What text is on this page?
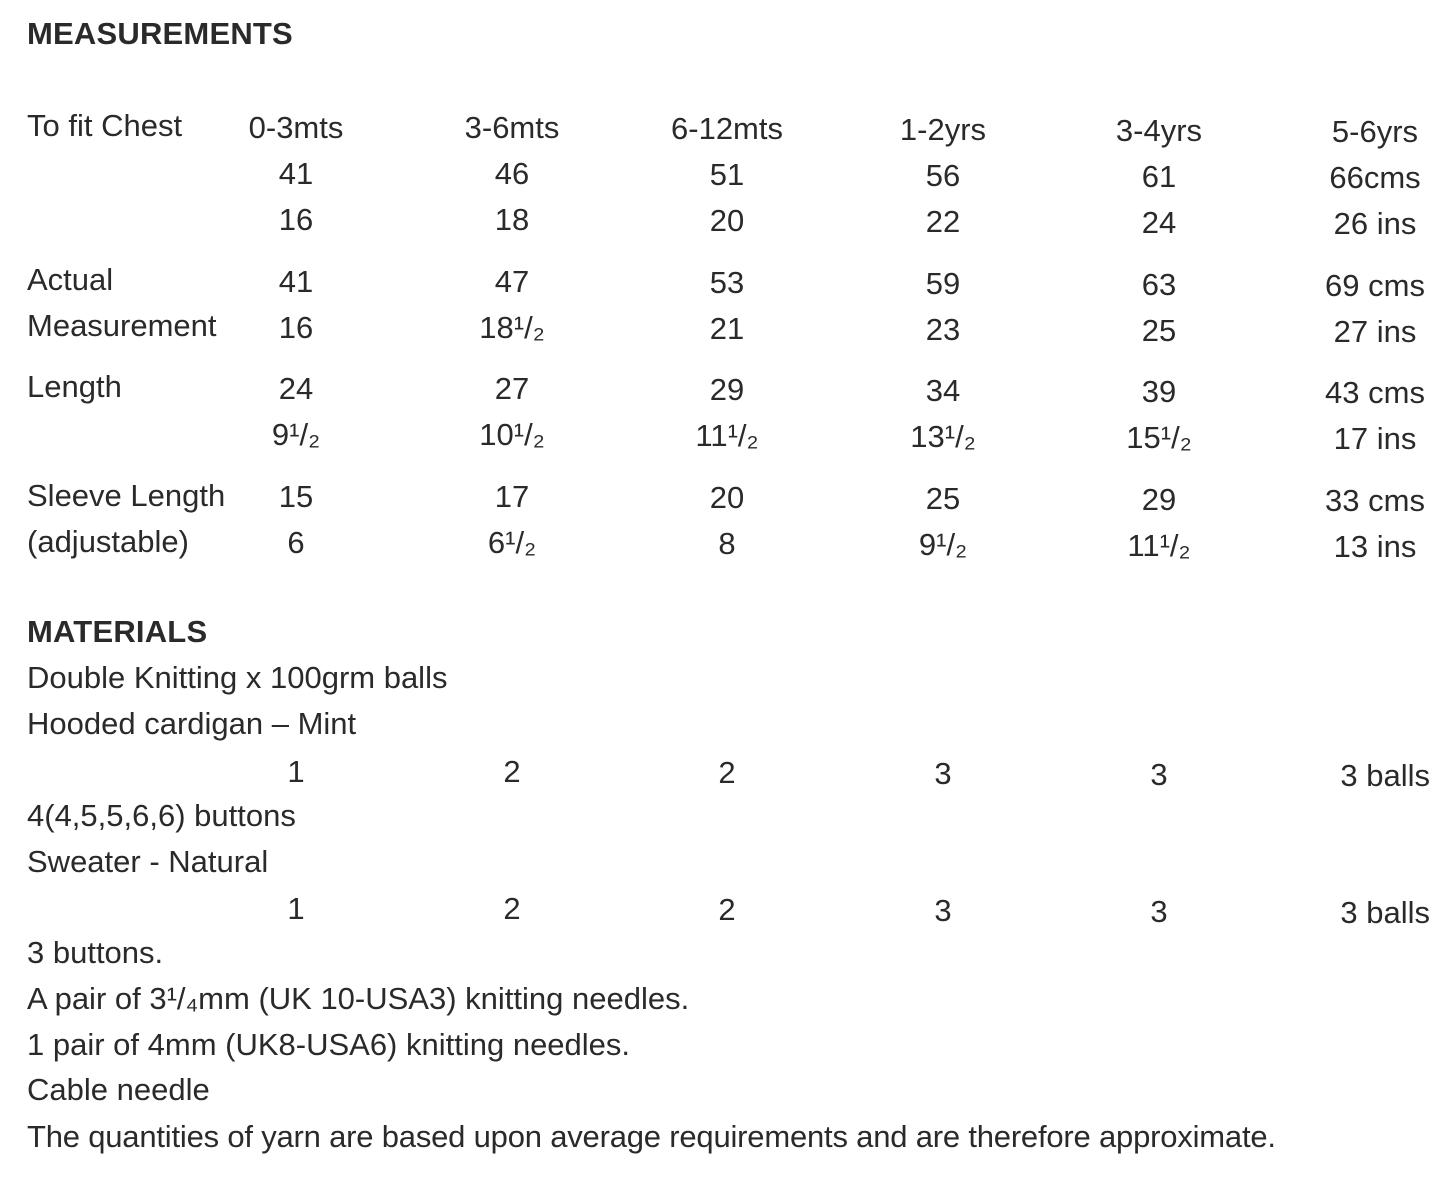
MEASUREMENTS
To fit Chest 0-3mts	3-6mts	6-12mts	1-2yrs	3-4yrs	5-6yrs
41	46	51	56	61	66cms
16	18	20	22	24	26 ins
Actual	41	47	53	59	63	69 cms
Measurement 16	18¹/₂	21	23	25	27 ins
Length	24	27	29	34	39	43 cms
9¹/₂	10¹/₂	11¹/₂	13¹/₂	15¹/₂	17 ins
Sleeve Length 15	17	20	25	29	33 cms
(adjustable)	6	6¹/₂	8	9¹/₂	11¹/₂	13 ins
MATERIALS
Double Knitting x 100grm balls
Hooded cardigan – Mint
1	2	2	3	3	3 balls
4(4,5,5,6,6) buttons
Sweater - Natural
1	2	2	3	3	3 balls
3 buttons.
A pair of 3¹/₄mm (UK 10-USA3) knitting needles.
1 pair of 4mm (UK8-USA6) knitting needles.
Cable needle
The quantities of yarn are based upon average requirements and are therefore approximate.
